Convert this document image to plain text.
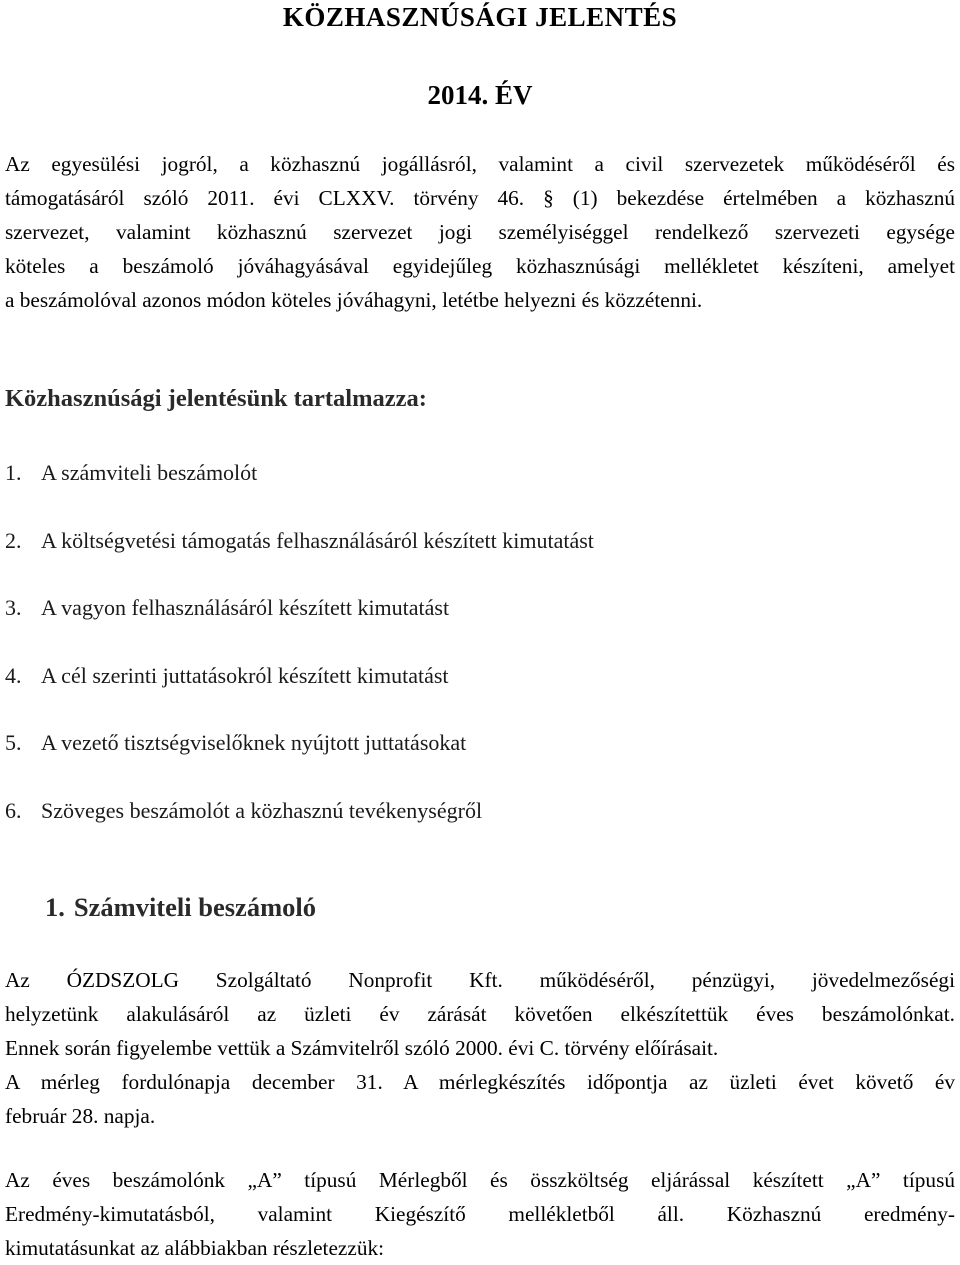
KÖZHASZNÚSÁGI JELENTÉS
2014. ÉV
Az egyesülési jogról, a közhasznú jogállásról, valamint a civil szervezetek működéséről és
támogatásáról szóló 2011. évi CLXXV. törvény 46. § (1) bekezdése értelmében a közhasznú
szervezet, valamint közhasznú szervezet jogi személyiséggel rendelkező szervezeti egysége
köteles a beszámoló jóváhagyásával egyidejűleg közhasznúsági mellékletet készíteni, amelyet
a beszámolóval azonos módon köteles jóváhagyni, letétbe helyezni és közzétenni.
Közhasznúsági jelentésünk tartalmazza:
1. A számviteli beszámolót
2. A költségvetési támogatás felhasználásáról készített kimutatást
3. A vagyon felhasználásáról készített kimutatást
4. A cél szerinti juttatásokról készített kimutatást
5. A vezető tisztségviselőknek nyújtott juttatásokat
6. Szöveges beszámolót a közhasznú tevékenységről
1. Számviteli beszámoló
Az ÓZDSZOLG Szolgáltató Nonprofit Kft. működéséről, pénzügyi, jövedelmezőségi
helyzetünk alakulásáról az üzleti év zárását követően elkészítettük éves beszámolónkat.
Ennek során figyelembe vettük a Számvitelről szóló 2000. évi C. törvény előírásait.
A mérleg fordulónapja december 31. A mérlegkészítés időpontja az üzleti évet követő év
február 28. napja.
Az éves beszámolónk „A” típusú Mérlegből és összköltség eljárással készített „A” típusú
Eredmény-kimutatásból, valamint Kiegészítő mellékletből áll. Közhasznú eredmény-
kimutatásunkat az alábbiakban részletezzük:
